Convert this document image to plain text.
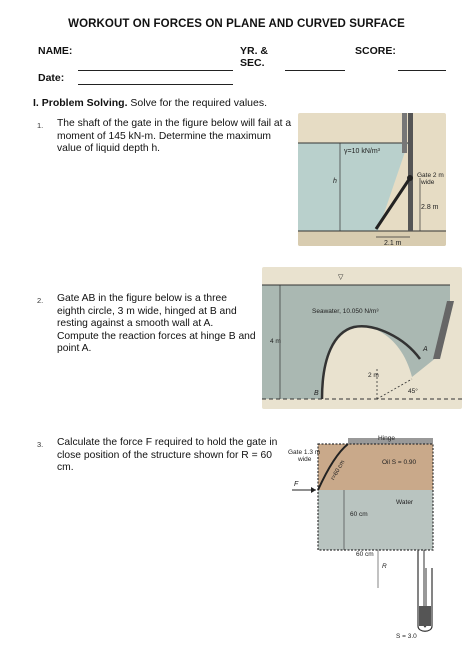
WORKOUT ON FORCES ON PLANE AND CURVED SURFACE
NAME:	YR. &
SEC.
SCORE:
Date:
I. Problem Solving. Solve for the required values.
1. The shaft of the gate in the figure below will fail at a moment of 145 kN-m. Determine the maximum value of liquid depth h.	γ=10 kN/m³
h
Gate 2 m wide
2.8 m
2.1 m
2. Gate AB in the figure below is a three eighth circle, 3 m wide, hinged at B and resting against a smooth wall at A. Compute the reaction forces at hinge B and point A.
▽
Seawater, 10.050 N/m³
4 m
2 m
45°
A
B
3. Calculate the force F required to hold the gate in close position of the structure shown for R = 60 cm.
Hinge
Gate 1.3 m wide	Oil S = 0.90
r=60 cm
F
Water
60 cm
60 cm
R
S = 3.0
